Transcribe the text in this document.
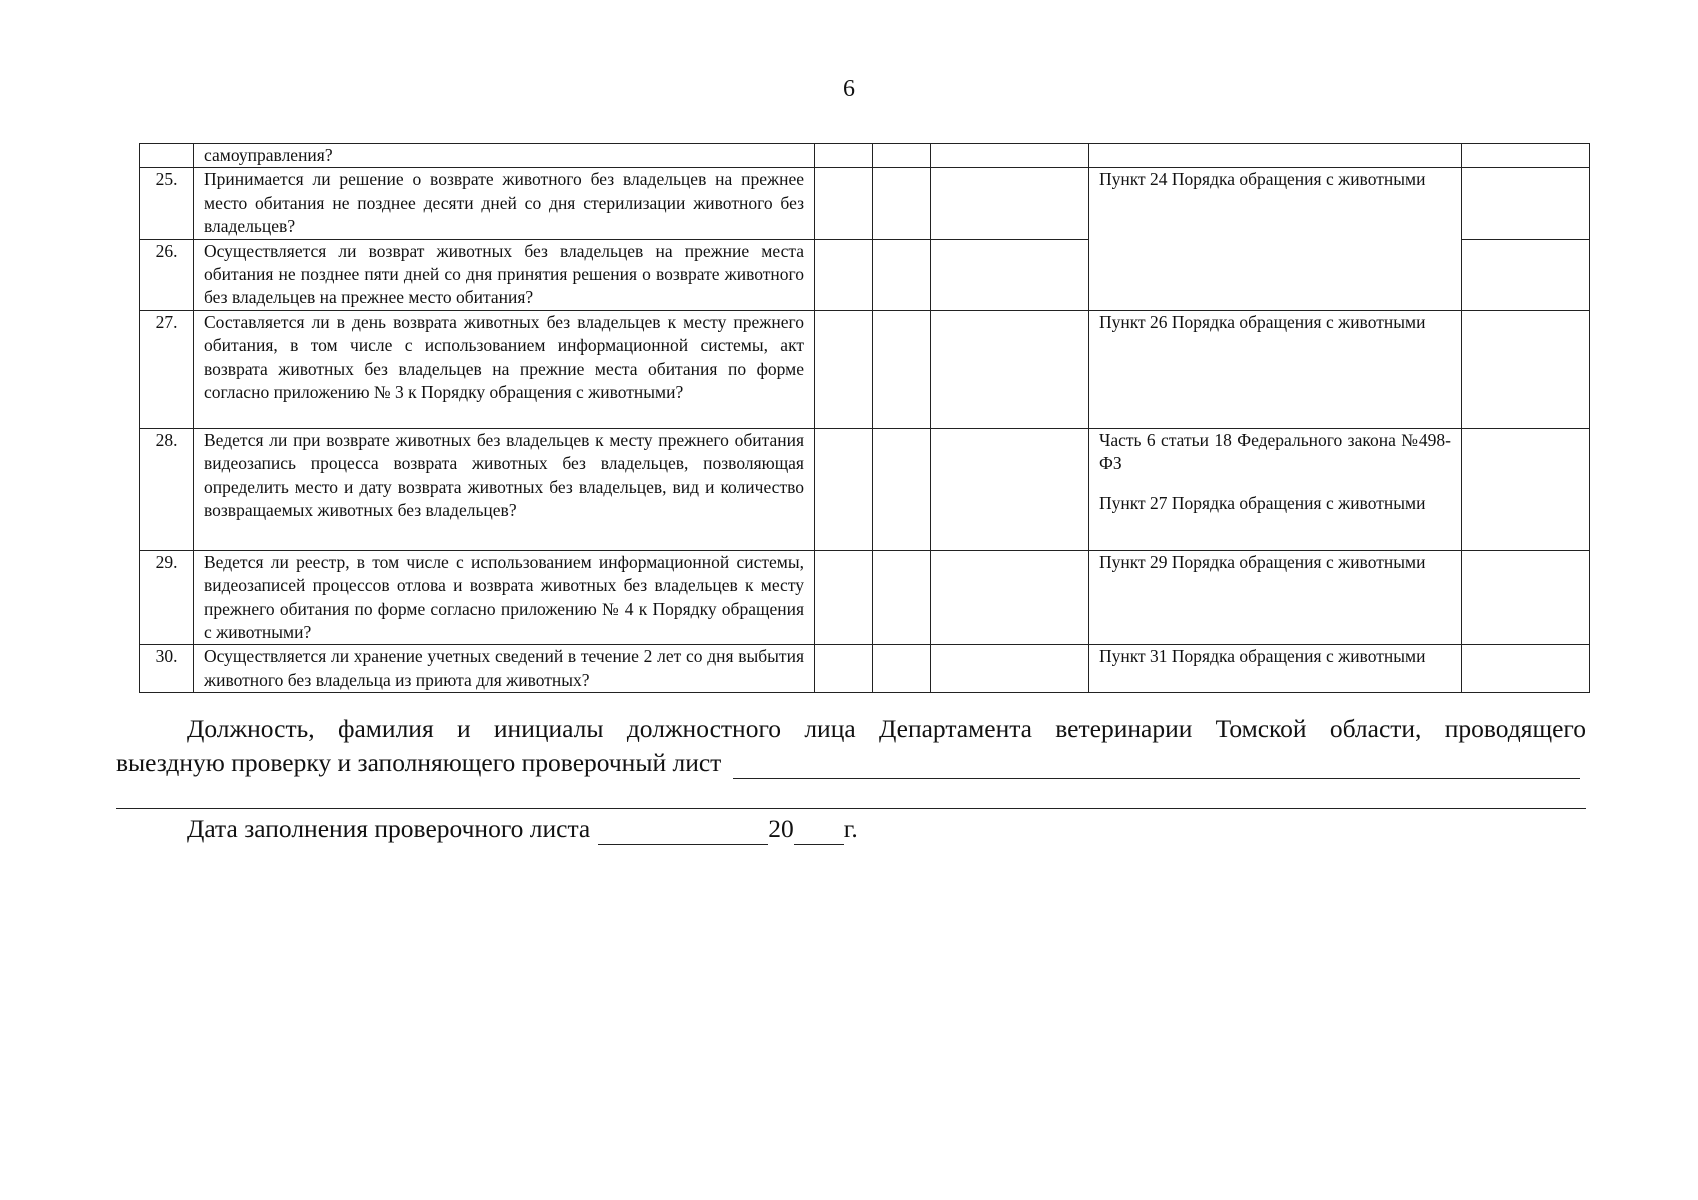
6
	самоуправления?					
25.	Принимается ли решение о возврате животного без владельцев на прежнее место обитания не позднее десяти дней со дня стерилизации животного без владельцев?				Пункт 24 Порядка обращения с животными	
26.	Осуществляется ли возврат животных без владельцев на прежние места обитания не позднее пяти дней со дня принятия решения о возврате животного без владельцев на прежнее место обитания?					
27.	Составляется ли в день возврата животных без владельцев к месту прежнего обитания, в том числе с использованием информационной системы, акт возврата животных без владельцев на прежние места обитания по форме согласно приложению № 3 к Порядку обращения с животными?				Пункт 26 Порядка обращения с животными	
28.	Ведется ли при возврате животных без владельцев к месту прежнего обитания видеозапись процесса возврата животных без владельцев, позволяющая определить место и дату возврата животных без владельцев, вид и количество возвращаемых животных без владельцев?				Часть 6 статьи 18 Федерального закона №498-ФЗ
Пункт 27 Порядка обращения с животными	

29.	Ведется ли реестр, в том числе с использованием информационной системы, видеозаписей процессов отлова и возврата животных без владельцев к месту прежнего обитания по форме согласно приложению № 4 к Порядку обращения с животными?				Пункт 29 Порядка обращения с животными	
30.	Осуществляется ли хранение учетных сведений в течение 2 лет со дня выбытия животного без владельца из приюта для животных?				Пункт 31 Порядка обращения с животными	
Должность, фамилия и инициалы должностного лица Департамента ветеринарии Томской области, проводящего
выездную проверку и заполняющего проверочный лист
Дата заполнения проверочного листа	20 г.
